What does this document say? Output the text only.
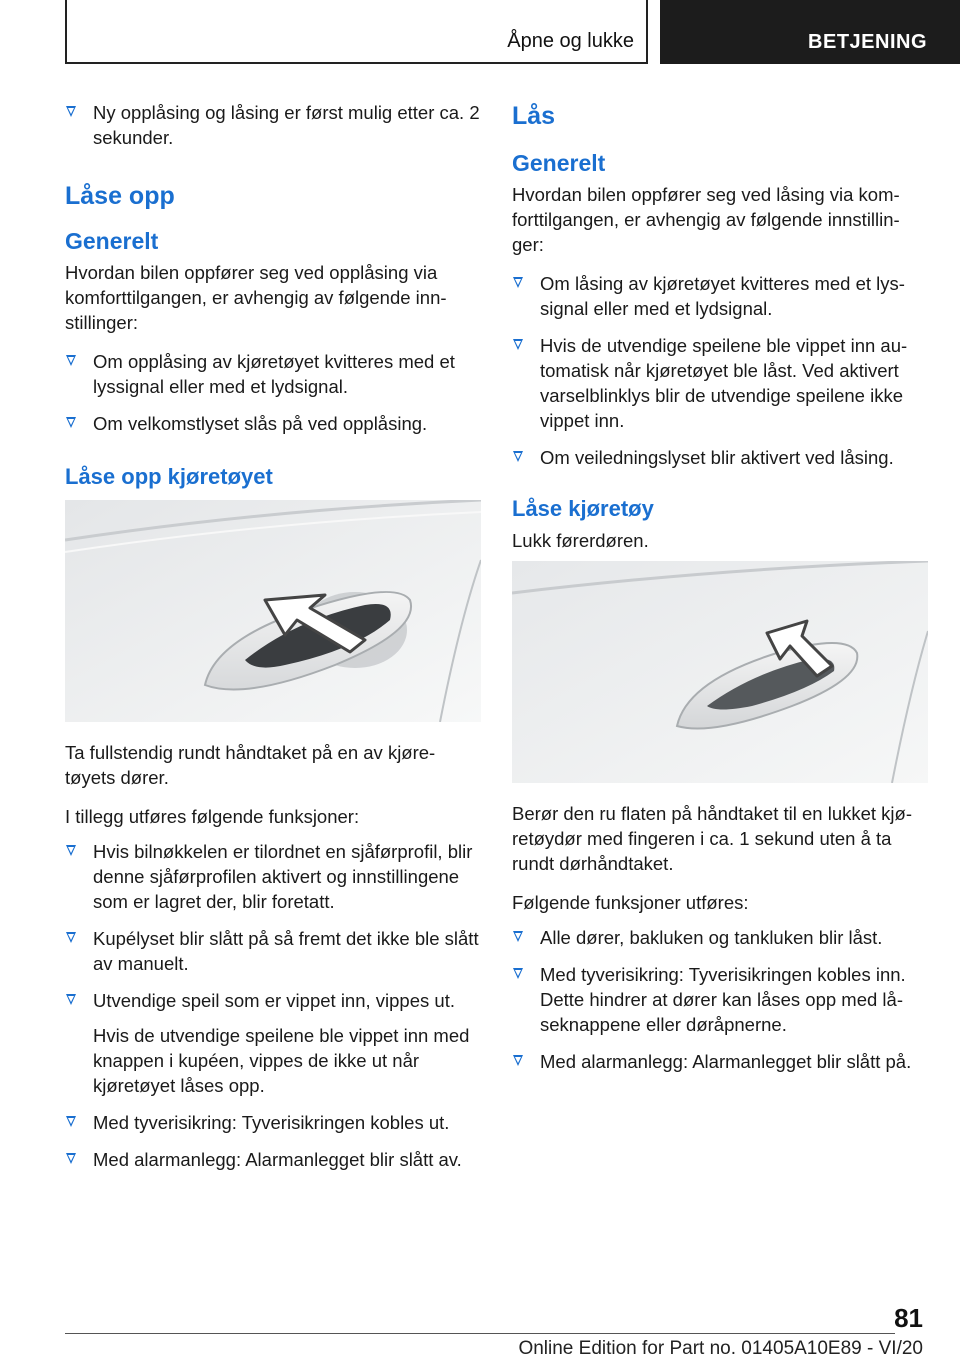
Åpne og lukke	BETJENING
Ny opplåsing og låsing er først mulig etter ca. 2 sekunder.
Låse opp
Generelt

Hvordan bilen oppfører seg ved opplåsing via komforttilgangen, er avhengig av følgende inn-stillinger:

Om opplåsing av kjøretøyet kvitteres med et lyssignal eller med et lydsignal.
Om velkomstlyset slås på ved opplåsing.
Låse opp kjøretøyet

Ta fullstendig rundt håndtaket på en av kjøre-tøyets dører.

I tillegg utføres følgende funksjoner:

Hvis bilnøkkelen er tilordnet en sjåførprofil, blir denne sjåførprofilen aktivert og innstillingene som er lagret der, blir foretatt.
Kupélyset blir slått på så fremt det ikke ble slått av manuelt.
Utvendige speil som er vippet inn, vippes ut.

Hvis de utvendige speilene ble vippet inn med knappen i kupéen, vippes de ikke ut når kjøretøyet låses opp.

Med tyverisikring: Tyverisikringen kobles ut.
Med alarmanlegg: Alarmanlegget blir slått av.
Lås
Generelt

Hvordan bilen oppfører seg ved låsing via kom-forttilgangen, er avhengig av følgende innstillin-ger:

Om låsing av kjøretøyet kvitteres med et lys-signal eller med et lydsignal.
Hvis de utvendige speilene ble vippet inn au-tomatisk når kjøretøyet ble låst. Ved aktivert varselblinklys blir de utvendige speilene ikke vippet inn.
Om veiledningslyset blir aktivert ved låsing.
Låse kjøretøy

Lukk førerdøren.

Berør den ru flaten på håndtaket til en lukket kjø-retøydør med fingeren i ca. 1 sekund uten å ta rundt dørhåndtaket.

Følgende funksjoner utføres:

Alle dører, bakluken og tankluken blir låst.
Med tyverisikring: Tyverisikringen kobles inn. Dette hindrer at dører kan låses opp med lå-seknappene eller døråpnerne.
Med alarmanlegg: Alarmanlegget blir slått på.
81
Online Edition for Part no. 01405A10E89 - VI/20
